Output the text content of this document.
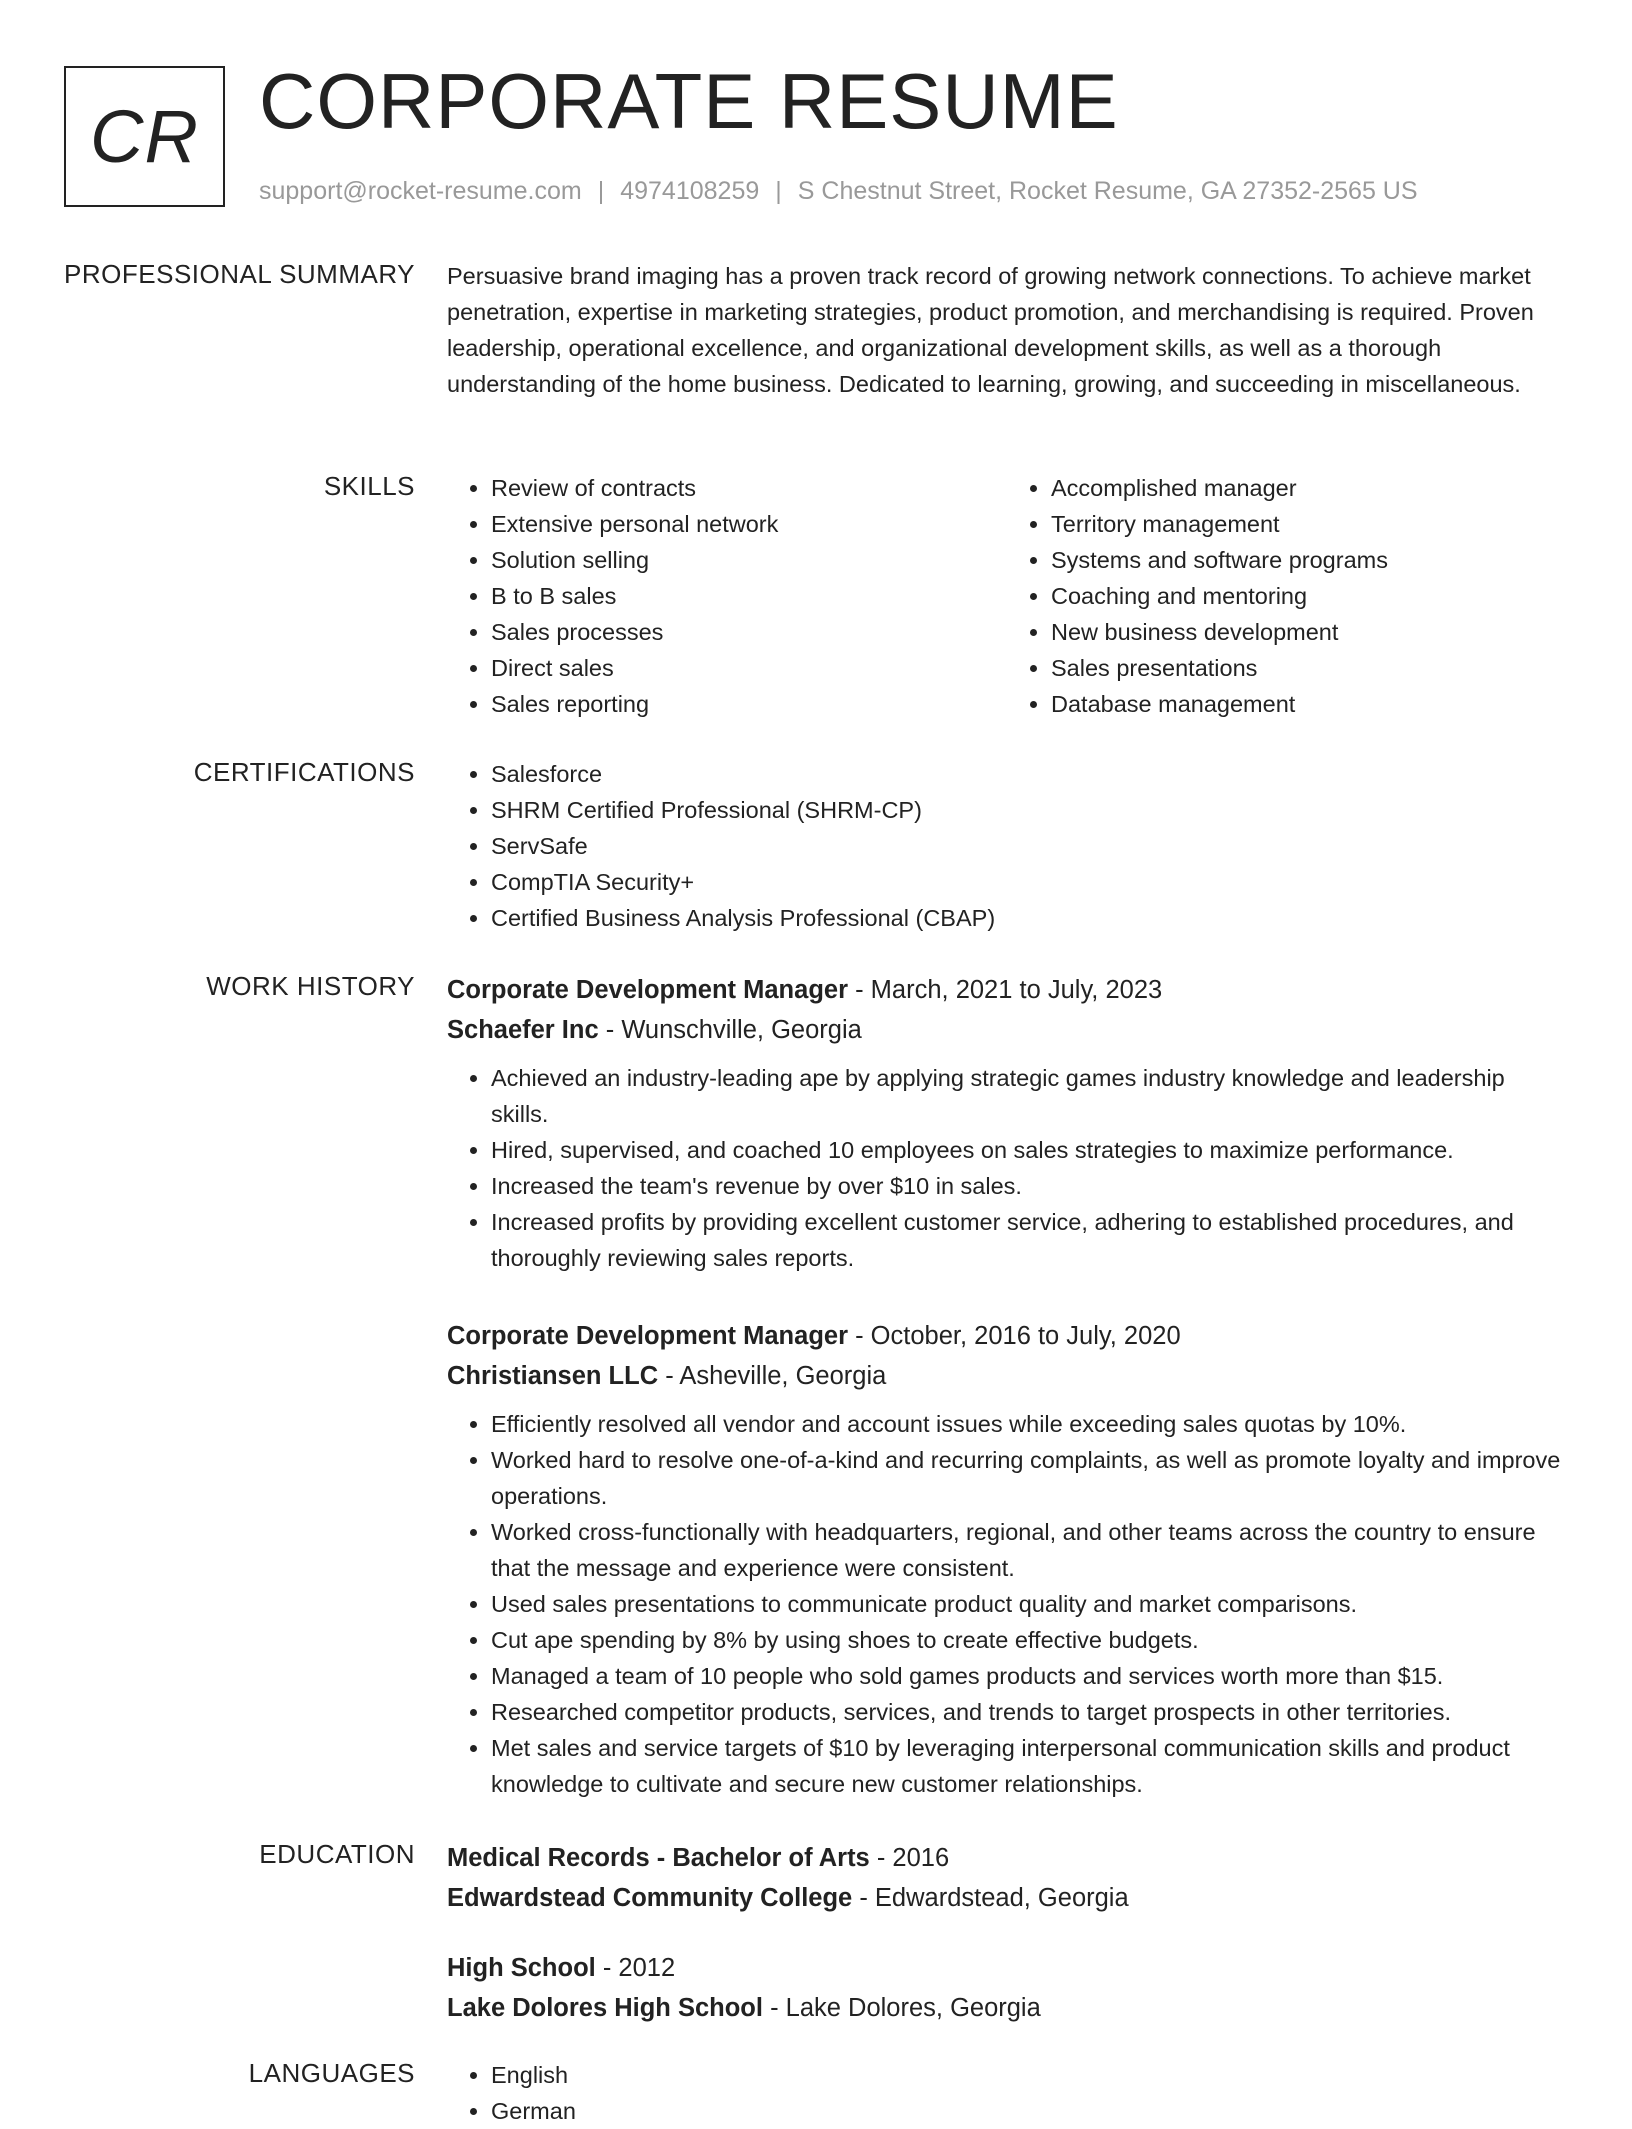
CR CORPORATE RESUME
support@rocket-resume.com | 4974108259 | S Chestnut Street, Rocket Resume, GA 27352-2565 US
PROFESSIONAL SUMMARY Persuasive brand imaging has a proven track record of growing network connections. To achieve market penetration, expertise in marketing strategies, product promotion, and merchandising is required. Proven leadership, operational excellence, and organizational development skills, as well as a thorough understanding of the home business. Dedicated to learning, growing, and succeeding in miscellaneous.

SKILLS	• Review of contracts
• Extensive personal network
• Solution selling
• B to B sales
• Sales processes
• Direct sales
• Sales reporting
• Accomplished manager
• Territory management
• Systems and software programs
• Coaching and mentoring
• New business development
• Sales presentations
• Database management
CERTIFICATIONS	• Salesforce
• SHRM Certified Professional (SHRM-CP)
• ServSafe
• CompTIA Security+
• Certified Business Analysis Professional (CBAP)
WORK HISTORY Corporate Development Manager - March, 2021 to July, 2023
Schaefer Inc - Wunschville, Georgia
• Achieved an industry-leading ape by applying strategic games industry knowledge and leadership skills.
• Hired, supervised, and coached 10 employees on sales strategies to maximize performance.
• Increased the team's revenue by over $10 in sales.
• Increased profits by providing excellent customer service, adhering to established procedures, and thoroughly reviewing sales reports.
Corporate Development Manager - October, 2016 to July, 2020
Christiansen LLC - Asheville, Georgia
• Efficiently resolved all vendor and account issues while exceeding sales quotas by 10%.
• Worked hard to resolve one-of-a-kind and recurring complaints, as well as promote loyalty and improve operations.
• Worked cross-functionally with headquarters, regional, and other teams across the country to ensure that the message and experience were consistent.
• Used sales presentations to communicate product quality and market comparisons.
• Cut ape spending by 8% by using shoes to create effective budgets.
• Managed a team of 10 people who sold games products and services worth more than $15.
• Researched competitor products, services, and trends to target prospects in other territories.
• Met sales and service targets of $10 by leveraging interpersonal communication skills and product knowledge to cultivate and secure new customer relationships.
EDUCATION Medical Records - Bachelor of Arts - 2016
Edwardstead Community College - Edwardstead, Georgia
High School - 2012
Lake Dolores High School - Lake Dolores, Georgia
LANGUAGES	• English
• German
